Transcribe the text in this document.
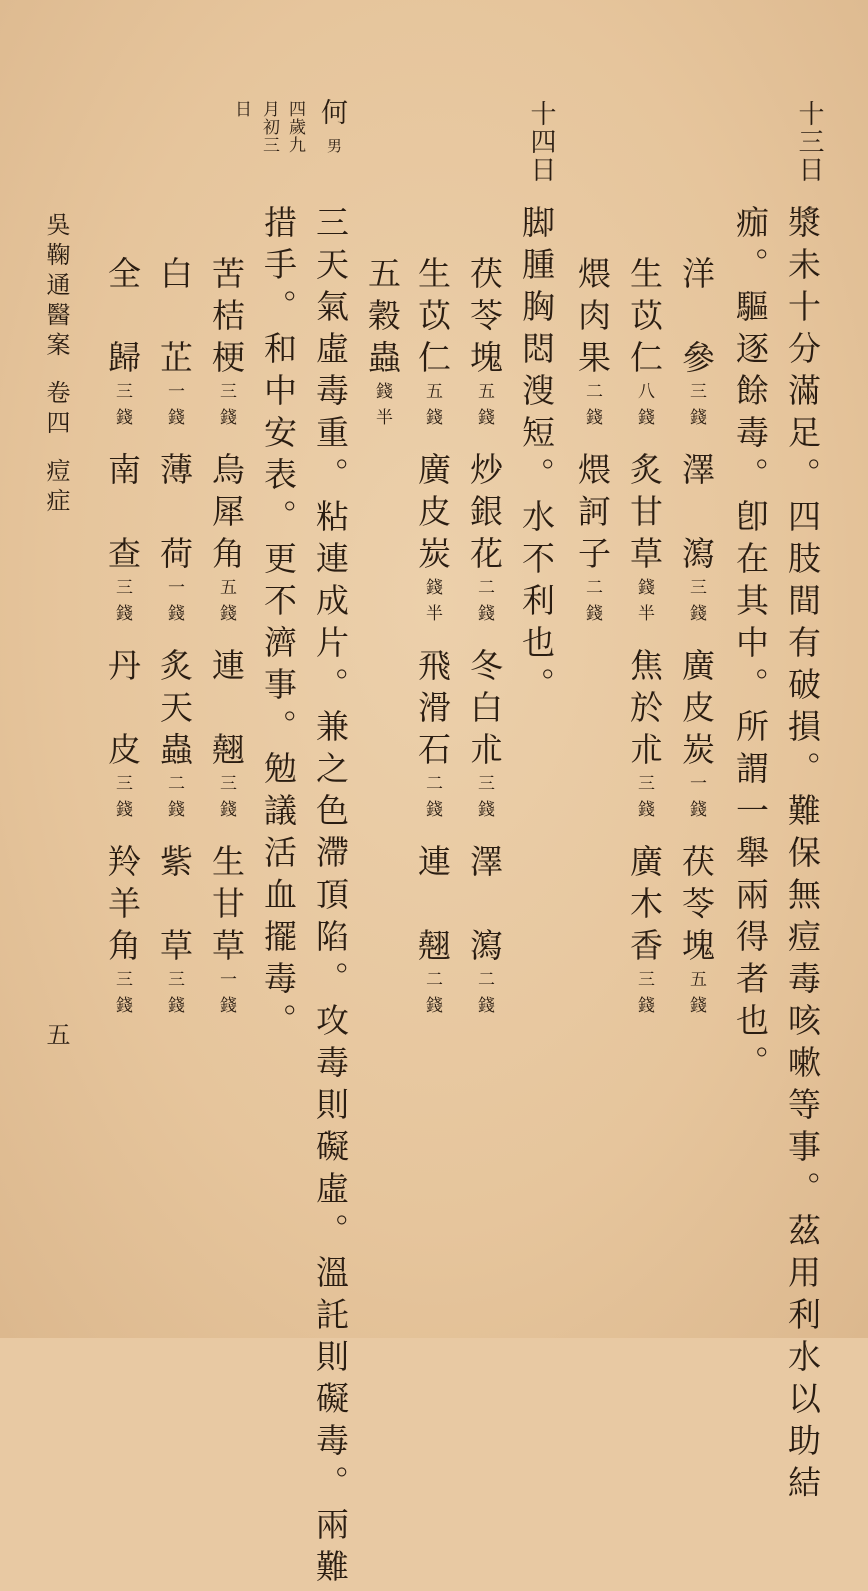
十三日
漿未十分滿足。四肢間有破損。難保無痘毒咳嗽等事。茲用利水以助結
痂。驅逐餘毒。卽在其中。所謂一舉兩得者也。
洋　參三錢澤　瀉三錢廣皮炭一錢茯苓塊五錢
生苡仁八錢炙甘草錢半焦於朮三錢廣木香三錢
煨肉果二錢煨訶子二錢
十四日
脚腫胸悶溲短。水不利也。
茯苓塊五錢炒銀花二錢冬白朮三錢澤　瀉二錢
生苡仁五錢廣皮炭錢半飛滑石二錢連　翹二錢
五穀蟲錢半
何
男
四歲九
月初三
日
三天氣虛毒重。粘連成片。兼之色滯頂陷。攻毒則礙虛。溫託則礙毒。兩難
措手。和中安表。更不濟事。勉議活血擺毒。
苦桔梗三錢烏犀角五錢連　翹三錢生甘草一錢
白　芷一錢薄　荷一錢炙天蟲二錢紫　草三錢
全　歸三錢南　查三錢丹　皮三錢羚羊角三錢
吳鞠通醫案卷四痘症
五
